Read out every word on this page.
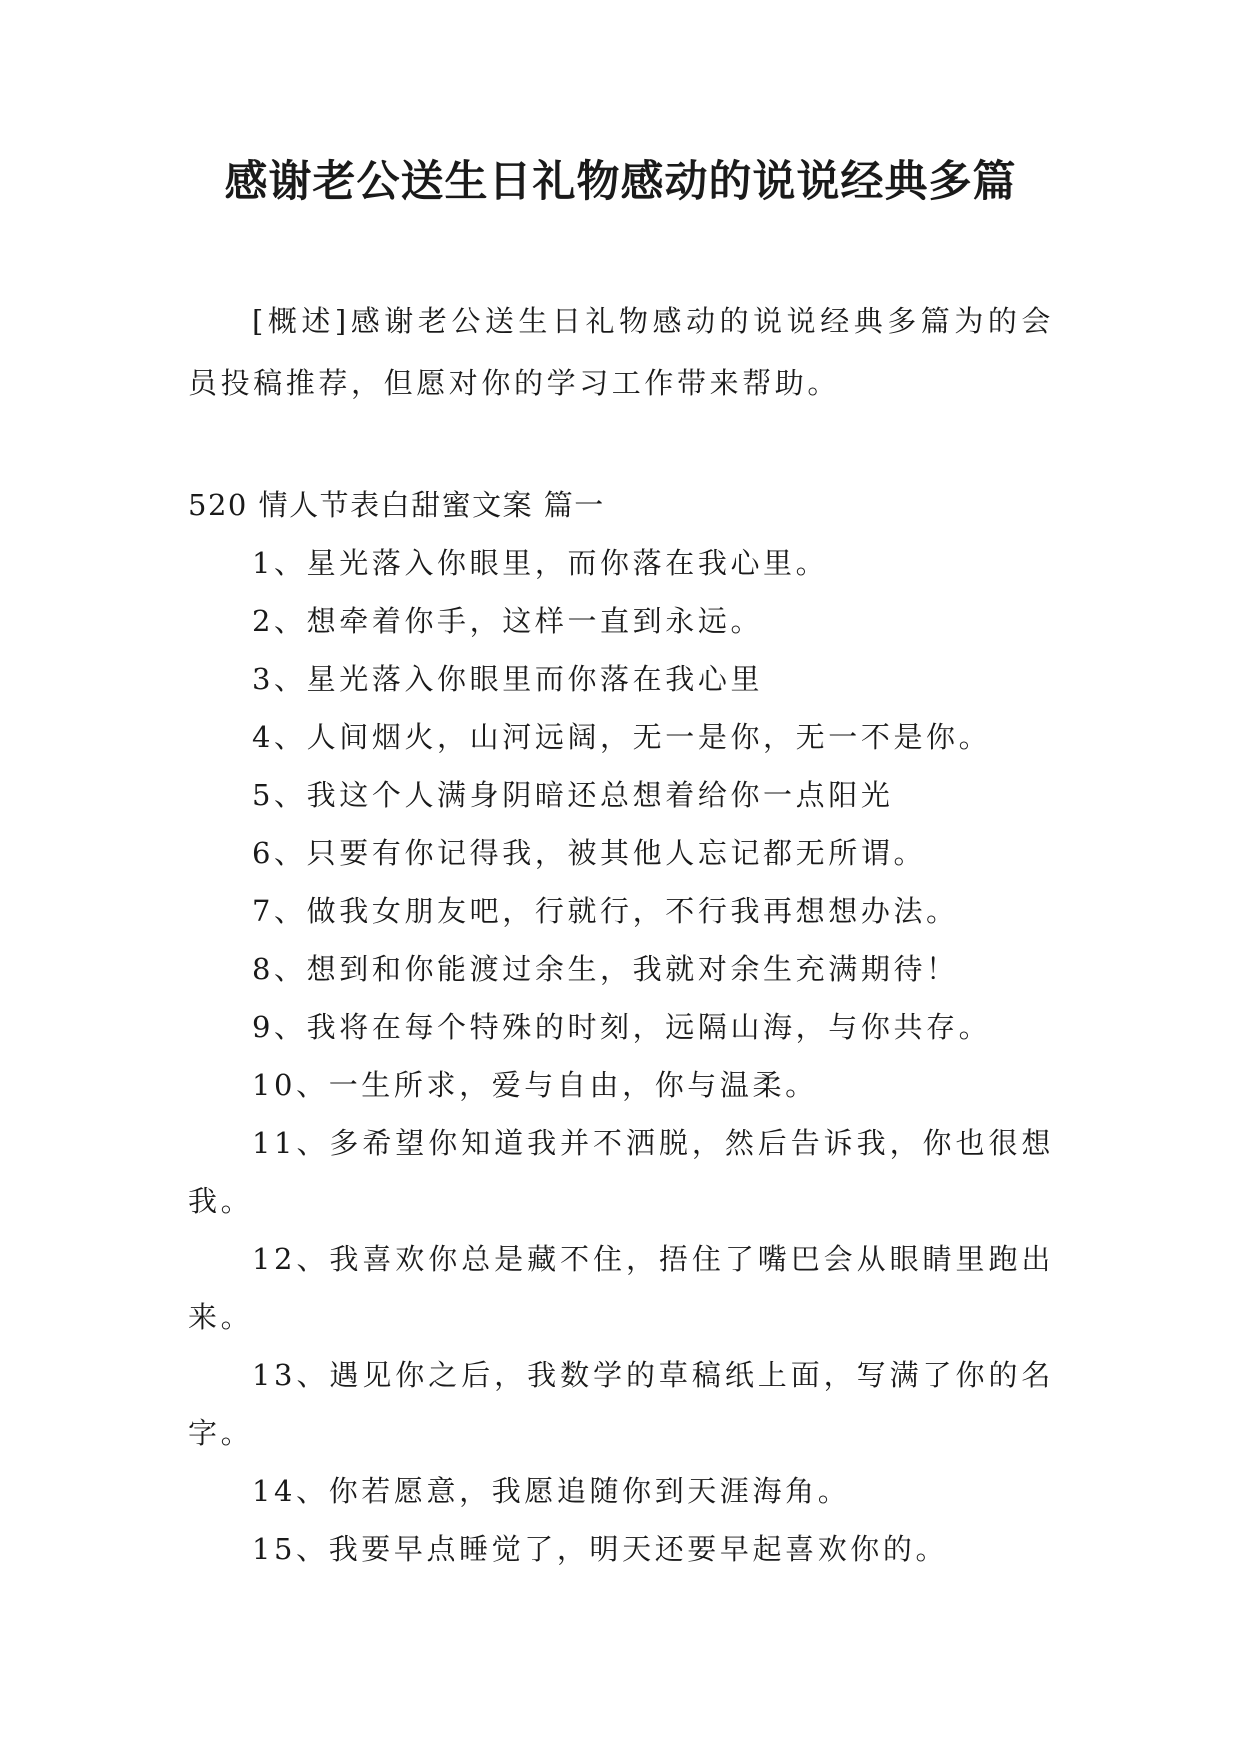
感谢老公送生日礼物感动的说说经典多篇

[概述]感谢老公送生日礼物感动的说说经典多篇为的会员投稿推荐，但愿对你的学习工作带来帮助。

520 情人节表白甜蜜文案 篇一

1、星光落入你眼里，而你落在我心里。
2、想牵着你手，这样一直到永远。
3、星光落入你眼里而你落在我心里
4、人间烟火，山河远阔，无一是你，无一不是你。
5、我这个人满身阴暗还总想着给你一点阳光
6、只要有你记得我，被其他人忘记都无所谓。
7、做我女朋友吧，行就行，不行我再想想办法。
8、想到和你能渡过余生，我就对余生充满期待！
9、我将在每个特殊的时刻，远隔山海，与你共存。
10、一生所求，爱与自由，你与温柔。
11、多希望你知道我并不洒脱，然后告诉我，你也很想我。
12、我喜欢你总是藏不住，捂住了嘴巴会从眼睛里跑出来。
13、遇见你之后，我数学的草稿纸上面，写满了你的名字。
14、你若愿意，我愿追随你到天涯海角。
15、我要早点睡觉了，明天还要早起喜欢你的。
